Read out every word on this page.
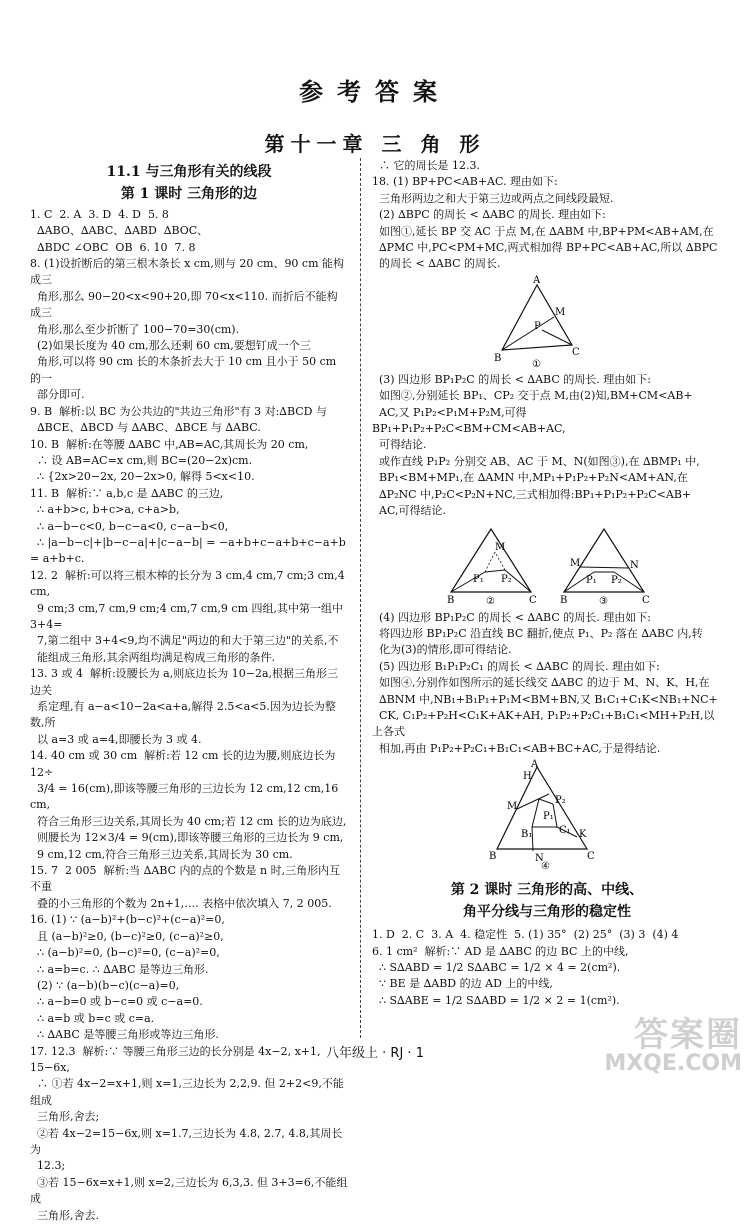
参考答案
第十一章 三 角 形
11.1 与三角形有关的线段
第 1 课时 三角形的边
1. C  2. A  3. D  4. D  5. 8
∆ABO、∆ABC、∆ABD  ∆BOC、
∆BDC ∠OBC  OB  6. 10  7. 8
8. (1)设折断后的第三根木条长 x cm,则与 20 cm、90 cm 能构成三
角形,那么 90−20<x<90+20,即 70<x<110. 而折后不能构成三
角形,那么至少折断了 100−70=30(cm).
(2)如果长度为 40 cm,那么还剩 60 cm,要想钉成一个三
角形,可以将 90 cm 长的木条折去大于 10 cm 且小于 50 cm 的一
部分即可.
9. B  解析:以 BC 为公共边的"共边三角形"有 3 对:∆BCD 与
∆BCE、∆BCD 与 ∆ABC、∆BCE 与 ∆ABC.
10. B  解析:在等腰 ∆ABC 中,AB=AC,其周长为 20 cm,
∴ 设 AB=AC=x cm,则 BC=(20−2x)cm.
∴ {2x>20−2x, 20−2x>0, 解得 5<x<10.
11. B  解析:∵ a,b,c 是 ∆ABC 的三边,
∴ a+b>c, b+c>a, c+a>b,
∴ a−b−c<0, b−c−a<0, c−a−b<0,
∴ |a−b−c|+|b−c−a|+|c−a−b| = −a+b+c−a+b+c−a+b = a+b+c.
12. 2  解析:可以将三根木棒的长分为 3 cm,4 cm,7 cm;3 cm,4 cm,
9 cm;3 cm,7 cm,9 cm;4 cm,7 cm,9 cm 四组,其中第一组中 3+4=
7,第二组中 3+4<9,均不满足"两边的和大于第三边"的关系,不
能组成三角形,其余两组均满足构成三角形的条件.
13. 3 或 4  解析:设腰长为 a,则底边长为 10−2a,根据三角形三边关
系定理,有 a−a<10−2a<a+a,解得 2.5<a<5.因为边长为整数,所
以 a=3 或 a=4,即腰长为 3 或 4.
14. 40 cm 或 30 cm  解析:若 12 cm 长的边为腰,则底边长为 12÷
3/4 = 16(cm),即该等腰三角形的三边长为 12 cm,12 cm,16 cm,
符合三角形三边关系,其周长为 40 cm;若 12 cm 长的边为底边,
则腰长为 12×3/4 = 9(cm),即该等腰三角形的三边长为 9 cm,
9 cm,12 cm,符合三角形三边关系,其周长为 30 cm.
15. 7  2 005  解析:当 ∆ABC 内的点的个数是 n 时,三角形内互不重
叠的小三角形的个数为 2n+1,…. 表格中依次填入 7, 2 005.
16. (1) ∵ (a−b)²+(b−c)²+(c−a)²=0,
且 (a−b)²≥0, (b−c)²≥0, (c−a)²≥0,
∴ (a−b)²=0, (b−c)²=0, (c−a)²=0,
∴ a=b=c. ∴ ∆ABC 是等边三角形.
(2) ∵ (a−b)(b−c)(c−a)=0,
∴ a−b=0 或 b−c=0 或 c−a=0.
∴ a=b 或 b=c 或 c=a.
∴ ∆ABC 是等腰三角形或等边三角形.
17. 12.3  解析:∵ 等腰三角形三边的长分别是 4x−2, x+1, 15−6x,
∴ ①若 4x−2=x+1,则 x=1,三边长为 2,2,9. 但 2+2<9,不能组成
三角形,舍去;
②若 4x−2=15−6x,则 x=1.7,三边长为 4.8, 2.7, 4.8,其周长为
12.3;
③若 15−6x=x+1,则 x=2,三边长为 6,3,3. 但 3+3=6,不能组成
三角形,舍去.
∴ 它的周长是 12.3.
18. (1) BP+PC<AB+AC. 理由如下:
三角形两边之和大于第三边或两点之间线段最短.
(2) ∆BPC 的周长 < ∆ABC 的周长. 理由如下:
如图①,延长 BP 交 AC 于点 M,在 ∆ABM 中,BP+PM<AB+AM,在
∆PMC 中,PC<PM+MC,两式相加得 BP+PC<AB+AC,所以 ∆BPC
的周长 < ∆ABC 的周长.
A
B
C
P
M
①
(3) 四边形 BP₁P₂C 的周长 < ∆ABC 的周长. 理由如下:
如图②,分别延长 BP₁、CP₂ 交于点 M,由(2)知,BM+CM<AB+
AC,又 P₁P₂<P₁M+P₂M,可得 BP₁+P₁P₂+P₂C<BM+CM<AB+AC,
可得结论.
或作直线 P₁P₂ 分别交 AB、AC 于 M、N(如图③),在 ∆BMP₁ 中,
BP₁<BM+MP₁,在 ∆AMN 中,MP₁+P₁P₂+P₂N<AM+AN,在
∆P₂NC 中,P₂C<P₂N+NC,三式相加得:BP₁+P₁P₂+P₂C<AB+
AC,可得结论.
B	C
M
P₁ P₂
②
M	N
B	C
P₁ P₂
③
(4) 四边形 BP₁P₂C 的周长 < ∆ABC 的周长. 理由如下:
将四边形 BP₁P₂C 沿直线 BC 翻折,使点 P₁、P₂ 落在 ∆ABC 内,转
化为(3)的情形,即可得结论.
(5) 四边形 B₁P₁P₂C₁ 的周长 < ∆ABC 的周长. 理由如下:
如图④,分别作如图所示的延长线交 ∆ABC 的边于 M、N、K、H,在
∆BNM 中,NB₁+B₁P₁+P₁M<BM+BN,又 B₁C₁+C₁K<NB₁+NC+
CK, C₁P₂+P₂H<C₁K+AK+AH, P₁P₂+P₂C₁+B₁C₁<MH+P₂H,以上各式
相加,再由 P₁P₂+P₂C₁+B₁C₁<AB+BC+AC,于是得结论.
A
H
M
P₁
P₂
B₁	C₁ K
B	N	C
④
第 2 课时 三角形的高、中线、
角平分线与三角形的稳定性
1. D  2. C  3. A  4. 稳定性  5. (1) 35°  (2) 25°  (3) 3  (4) 4
6. 1 cm²  解析:∵ AD 是 ∆ABC 的边 BC 上的中线,
∴ S∆ABD = 1/2 S∆ABC = 1/2 × 4 = 2(cm²).
∵ BE 是 ∆ABD 的边 AD 上的中线,
∴ S∆ABE = 1/2 S∆ABD = 1/2 × 2 = 1(cm²).
八年级上 · RJ · 1	答案圈
MXQE.COM
